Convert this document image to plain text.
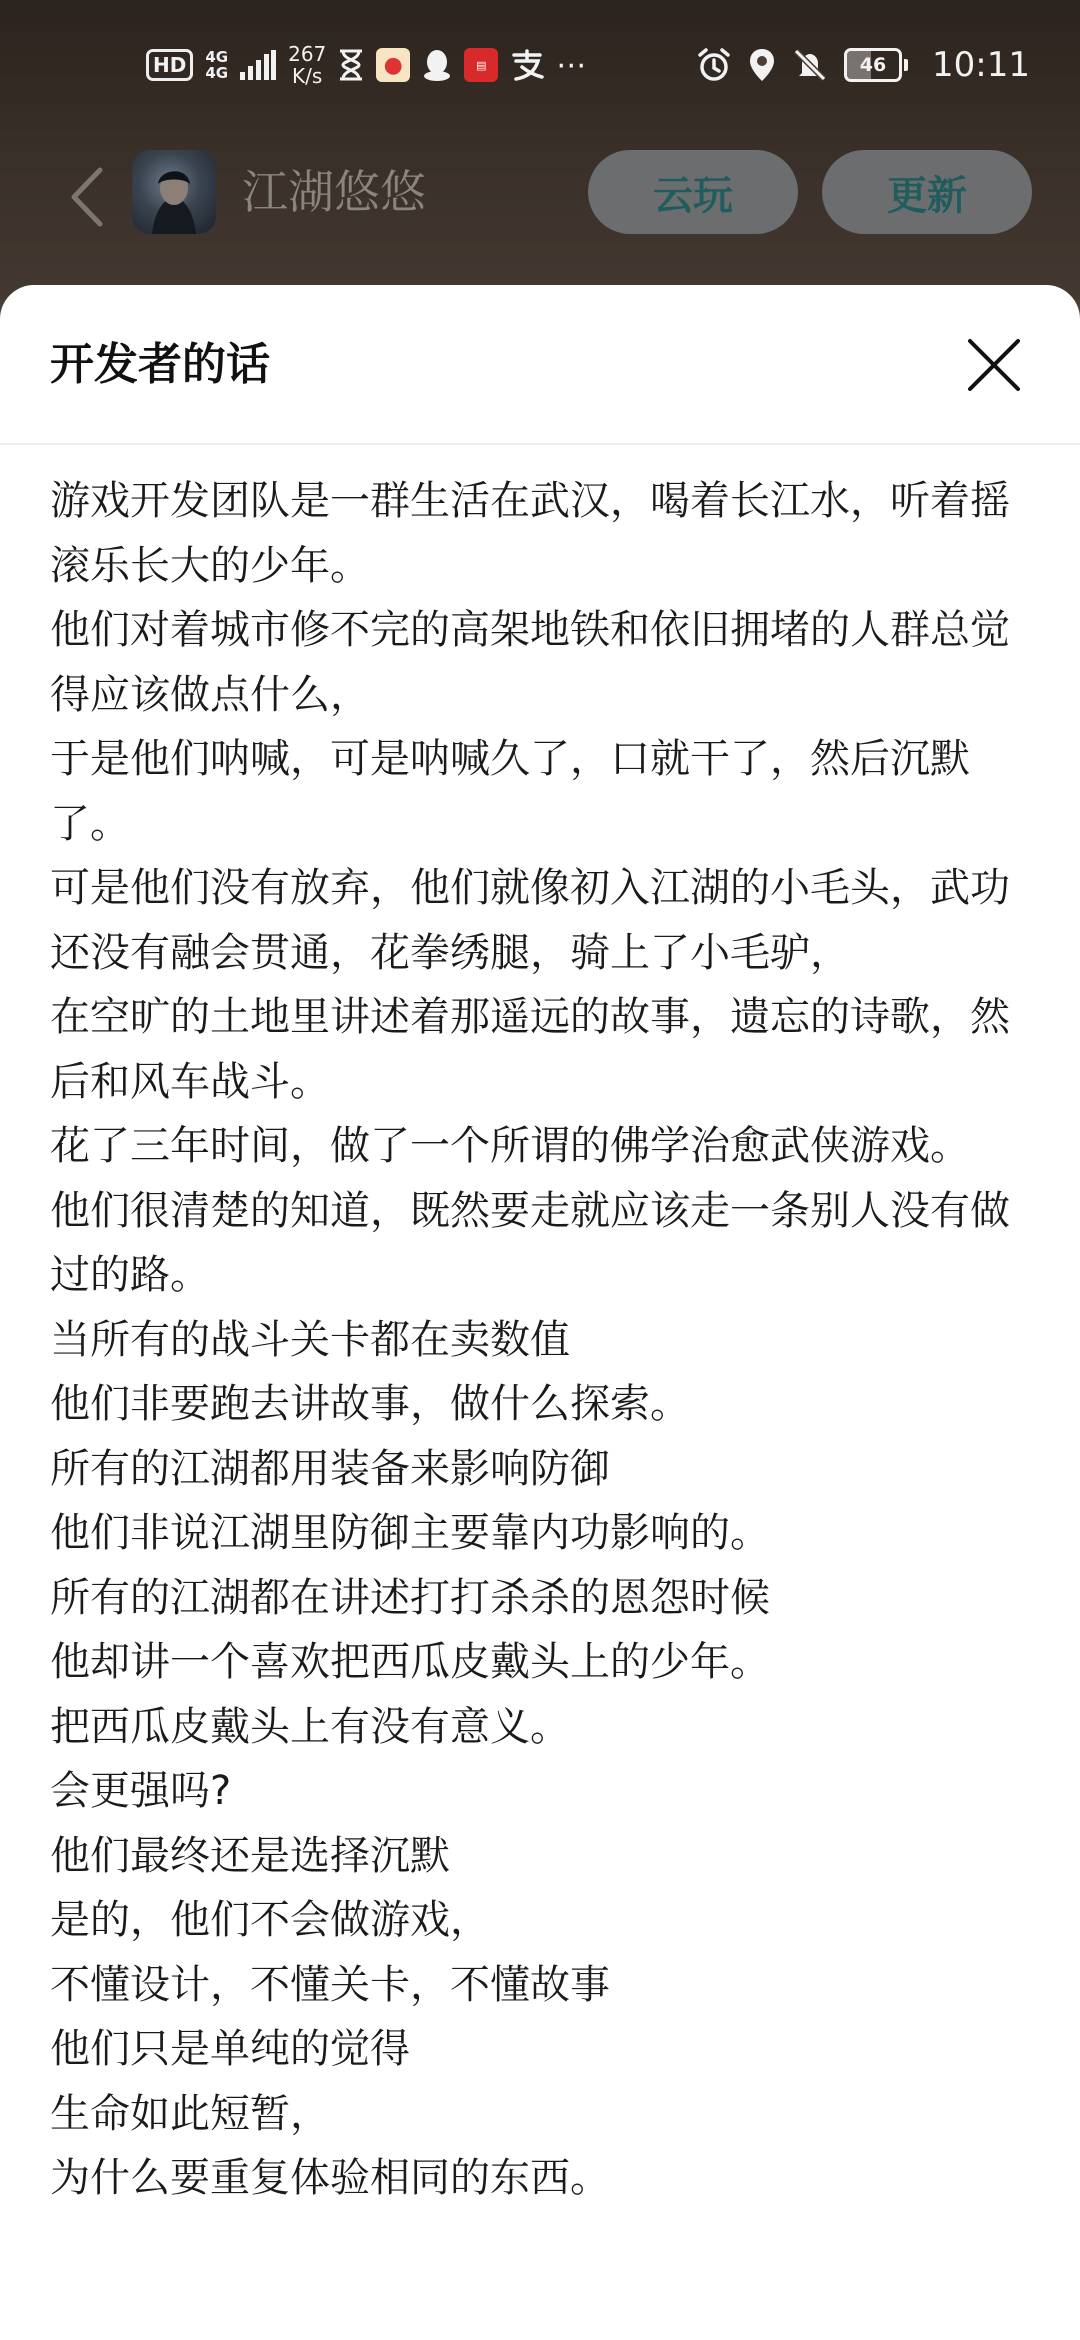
HD	4G
4G
267
K/s	●	▤	⋯	46 10:11
江湖悠悠	云玩	更新
开发者的话

游戏开发团队是一群生活在武汉，喝着长江水，听着摇滚乐长大的少年。

他们对着城市修不完的高架地铁和依旧拥堵的人群总觉得应该做点什么，

于是他们呐喊，可是呐喊久了，口就干了，然后沉默了。

可是他们没有放弃，他们就像初入江湖的小毛头，武功还没有融会贯通，花拳绣腿，骑上了小毛驴，

在空旷的土地里讲述着那遥远的故事，遗忘的诗歌，然后和风车战斗。

花了三年时间，做了一个所谓的佛学治愈武侠游戏。

他们很清楚的知道，既然要走就应该走一条别人没有做过的路。

当所有的战斗关卡都在卖数值

他们非要跑去讲故事，做什么探索。

所有的江湖都用装备来影响防御

他们非说江湖里防御主要靠内功影响的。

所有的江湖都在讲述打打杀杀的恩怨时候

他却讲一个喜欢把西瓜皮戴头上的少年。

把西瓜皮戴头上有没有意义。

会更强吗?

他们最终还是选择沉默

是的，他们不会做游戏，

不懂设计，不懂关卡，不懂故事

他们只是单纯的觉得

生命如此短暂，

为什么要重复体验相同的东西。
